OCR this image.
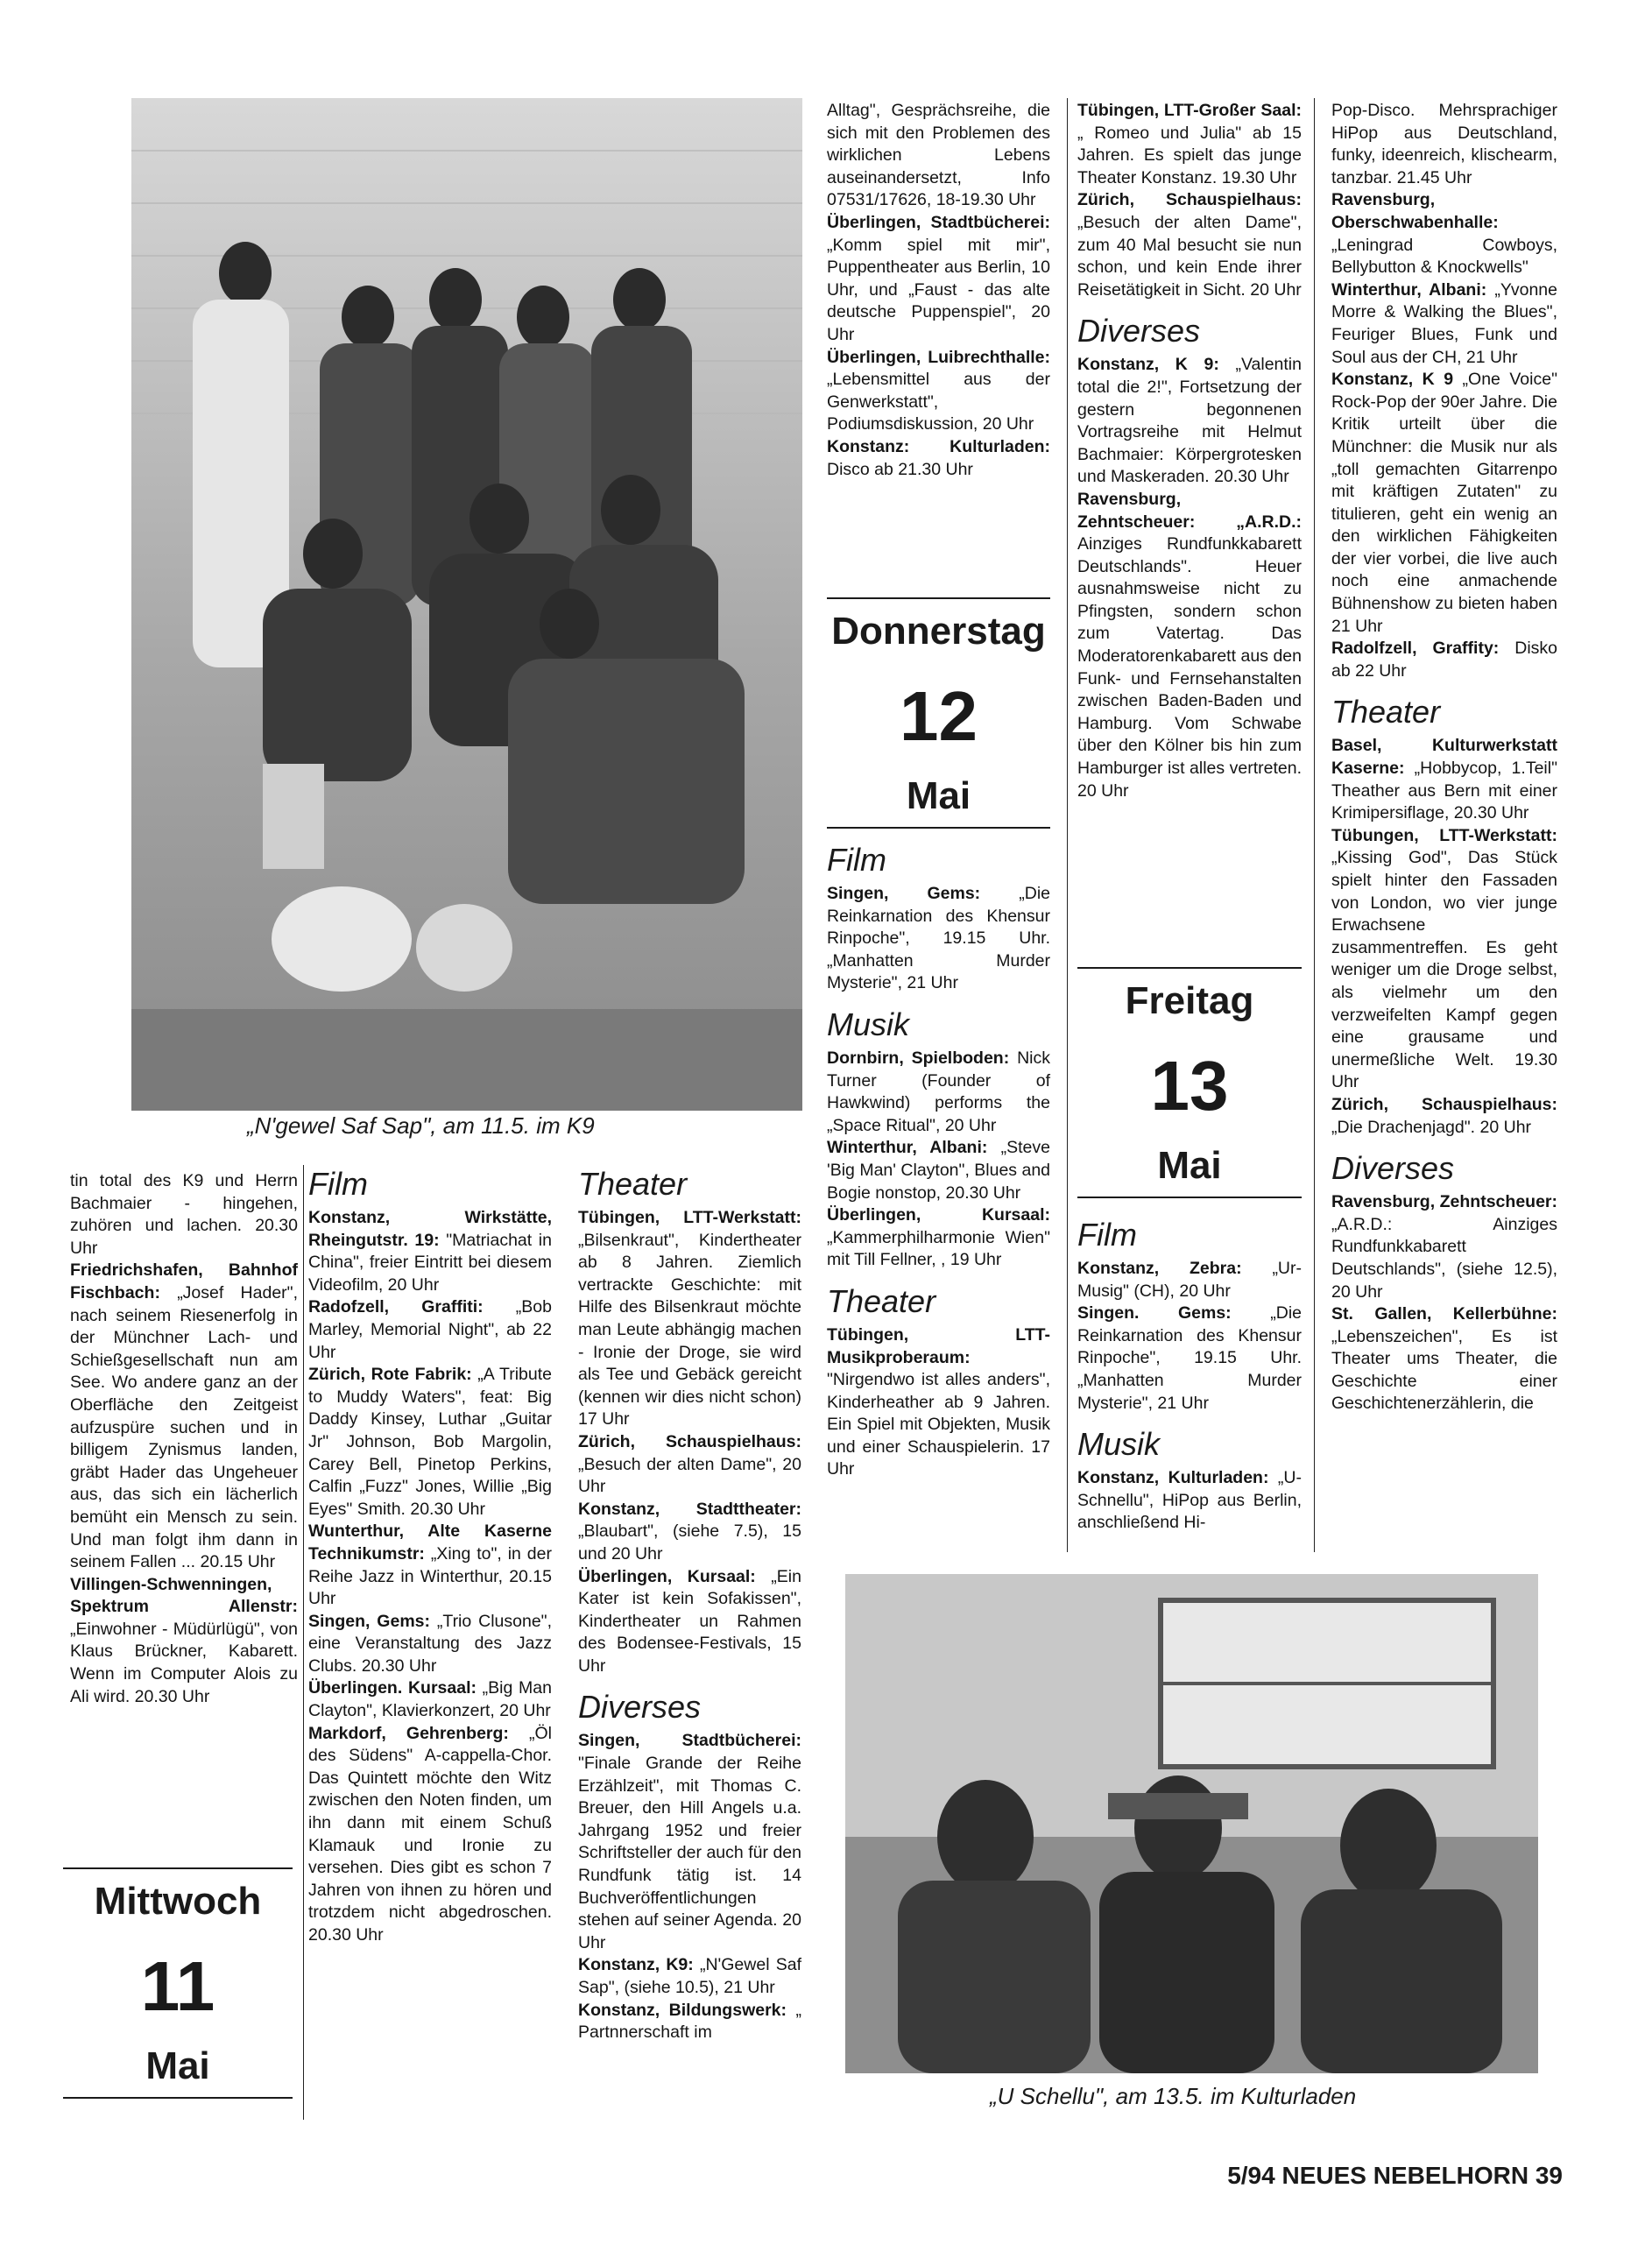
„N'gewel Saf Sap", am 11.5. im K9
„U Schellu", am 13.5. im Kulturladen

tin total des K9 und Herrn Bachmaier - hingehen, zuhören und lachen. 20.30 Uhr

Friedrichshafen, Bahnhof Fischbach: „Josef Hader", nach seinem Riesenerfolg in der Münchner Lach- und Schießgesellschaft nun am See. Wo andere ganz an der Oberfläche den Zeitgeist aufzuspüre suchen und in billigem Zynismus landen, gräbt Hader das Ungeheuer aus, das sich ein lächerlich bemüht ein Mensch zu sein. Und man folgt ihm dann in seinem Fallen ... 20.15 Uhr

Villingen-Schwenningen, Spektrum Allenstr: „Einwohner - Müdürlügü", von Klaus Brückner, Kabarett. Wenn im Computer Alois zu Ali wird. 20.30 Uhr

Mittwoch
11
Mai
Film

Konstanz, Wirkstätte, Rheingutstr. 19: "Matriachat in China", freier Eintritt bei diesem Videofilm, 20 Uhr

Radofzell, Graffiti: „Bob Marley, Memorial Night", ab 22 Uhr

Zürich, Rote Fabrik: „A Tribute to Muddy Waters", feat: Big Daddy Kinsey, Luthar „Guitar Jr" Johnson, Bob Margolin, Carey Bell, Pinetop Perkins, Calfin „Fuzz" Jones, Willie „Big Eyes" Smith. 20.30 Uhr

Wunterthur, Alte Kaserne Technikumstr: „Xing to", in der Reihe Jazz in Winterthur, 20.15 Uhr

Singen, Gems: „Trio Clusone", eine Veranstaltung des Jazz Clubs. 20.30 Uhr

Überlingen. Kursaal: „Big Man Clayton", Klavierkonzert, 20 Uhr

Markdorf, Gehrenberg: „Öl des Südens" A-cappella-Chor. Das Quintett möchte den Witz zwischen den Noten finden, um ihn dann mit einem Schuß Klamauk und Ironie zu versehen. Dies gibt es schon 7 Jahren von ihnen zu hören und trotzdem nicht abgedroschen. 20.30 Uhr

Theater

Tübingen, LTT-Werkstatt: „Bilsenkraut", Kindertheater ab 8 Jahren. Ziemlich vertrackte Geschichte: mit Hilfe des Bilsenkraut möchte man Leute abhängig machen - Ironie der Droge, sie wird als Tee und Gebäck gereicht (kennen wir dies nicht schon) 17 Uhr

Zürich, Schauspielhaus: „Besuch der alten Dame", 20 Uhr

Konstanz, Stadttheater: „Blaubart", (siehe 7.5), 15 und 20 Uhr

Überlingen, Kursaal: „Ein Kater ist kein Sofakissen", Kindertheater un Rahmen des Bodensee-Festivals, 15 Uhr

Diverses

Singen, Stadtbücherei: "Finale Grande der Reihe Erzählzeit", mit Thomas C. Breuer, den Hill Angels u.a. Jahrgang 1952 und freier Schriftsteller der auch für den Rundfunk tätig ist. 14 Buchveröffentlichungen stehen auf seiner Agenda. 20 Uhr

Konstanz, K9: „N'Gewel Saf Sap", (siehe 10.5), 21 Uhr

Konstanz, Bildungswerk: „ Partnnerschaft im

Alltag", Gesprächsreihe, die sich mit den Problemen des wirklichen Lebens auseinandersetzt, Info 07531/17626, 18-19.30 Uhr

Überlingen, Stadtbücherei: „Komm spiel mit mir", Puppentheater aus Berlin, 10 Uhr, und „Faust - das alte deutsche Puppenspiel", 20 Uhr

Überlingen, Luibrechthalle: „Lebensmittel aus der Genwerkstatt", Podiumsdiskussion, 20 Uhr

Konstanz: Kulturladen: Disco ab 21.30 Uhr

Donnerstag
12
Mai
Film

Singen, Gems: „Die Reinkarnation des Khensur Rinpoche", 19.15 Uhr. „Manhatten Murder Mysterie", 21 Uhr

Musik

Dornbirn, Spielboden: Nick Turner (Founder of Hawkwind) performs the „Space Ritual", 20 Uhr

Winterthur, Albani: „Steve 'Big Man' Clayton", Blues and Bogie nonstop, 20.30 Uhr

Überlingen, Kursaal: „Kammerphilharmonie Wien" mit Till Fellner, , 19 Uhr

Theater

Tübingen, LTT-Musikproberaum: "Nirgendwo ist alles anders", Kinderheather ab 9 Jahren. Ein Spiel mit Objekten, Musik und einer Schauspielerin. 17 Uhr

Tübingen, LTT-Großer Saal: „ Romeo und Julia" ab 15 Jahren. Es spielt das junge Theater Konstanz. 19.30 Uhr

Zürich, Schauspielhaus: „Besuch der alten Dame", zum 40 Mal besucht sie nun schon, und kein Ende ihrer Reisetätigkeit in Sicht. 20 Uhr

Diverses

Konstanz, K 9: „Valentin total die 2!", Fortsetzung der gestern begonnenen Vortragsreihe mit Helmut Bachmaier: Körpergrotesken und Maskeraden. 20.30 Uhr

Ravensburg, Zehntscheuer: „A.R.D.: Ainziges Rundfunkkabarett Deutschlands". Heuer ausnahmsweise nicht zu Pfingsten, sondern schon zum Vatertag. Das Moderatorenkabarett aus den Funk- und Fernsehanstalten zwischen Baden-Baden und Hamburg. Vom Schwabe über den Kölner bis hin zum Hamburger ist alles vertreten. 20 Uhr

Freitag
13
Mai
Film

Konstanz, Zebra: „Ur-Musig" (CH), 20 Uhr

Singen. Gems: „Die Reinkarnation des Khensur Rinpoche", 19.15 Uhr. „Manhatten Murder Mysterie", 21 Uhr

Musik

Konstanz, Kulturladen: „U-Schnellu", HiPop aus Berlin, anschließend Hi-

Pop-Disco. Mehrsprachiger HiPop aus Deutschland, funky, ideenreich, klischearm, tanzbar. 21.45 Uhr

Ravensburg, Oberschwabenhalle: „Leningrad Cowboys, Bellybutton & Knockwells"

Winterthur, Albani: „Yvonne Morre & Walking the Blues", Feuriger Blues, Funk und Soul aus der CH, 21 Uhr

Konstanz, K 9 „One Voice" Rock-Pop der 90er Jahre. Die Kritik urteilt über die Münchner: die Musik nur als „toll gemachten Gitarrenpo mit kräftigen Zutaten" zu titulieren, geht ein wenig an den wirklichen Fähigkeiten der vier vorbei, die live auch noch eine anmachende Bühnenshow zu bieten haben 21 Uhr

Radolfzell, Graffity: Disko ab 22 Uhr

Theater

Basel, Kulturwerkstatt Kaserne: „Hobbycop, 1.Teil" Theather aus Bern mit einer Krimipersiflage, 20.30 Uhr

Tübungen, LTT-Werkstatt: „Kissing God", Das Stück spielt hinter den Fassaden von London, wo vier junge Erwachsene zusammentreffen. Es geht weniger um die Droge selbst, als vielmehr um den verzweifelten Kampf gegen eine grausame und unermeßliche Welt. 19.30 Uhr

Zürich, Schauspielhaus: „Die Drachenjagd". 20 Uhr

Diverses

Ravensburg, Zehntscheuer: „A.R.D.: Ainziges Rundfunkkabarett Deutschlands", (siehe 12.5), 20 Uhr

St. Gallen, Kellerbühne: „Lebenszeichen", Es ist Theater ums Theater, die Geschichte einer Geschichtenerzählerin, die

5/94 NEUES NEBELHORN 39
